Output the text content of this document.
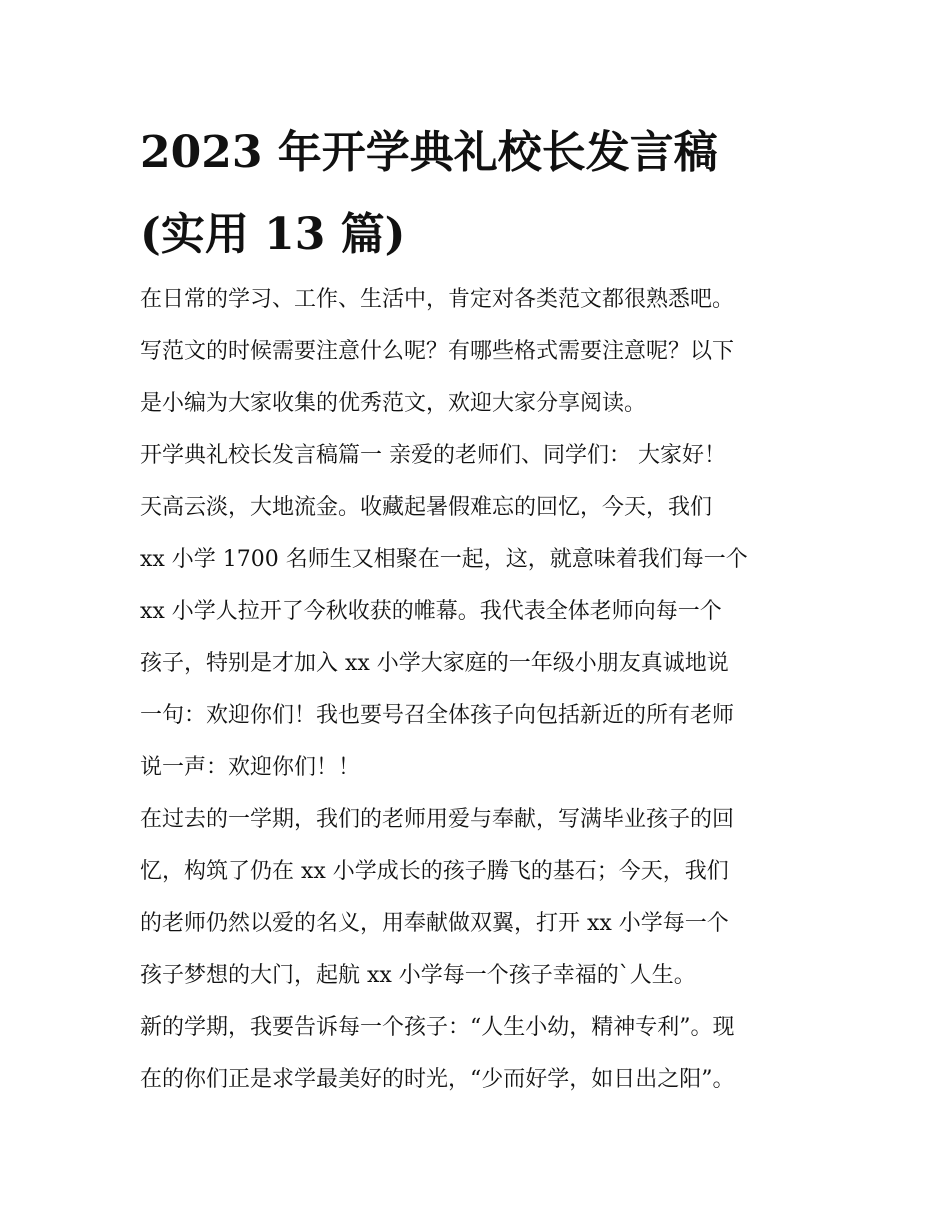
2023 年开学典礼校长发言稿
(实用 13 篇)
在日常的学习、工作、生活中，肯定对各类范文都很熟悉吧。
写范文的时候需要注意什么呢？有哪些格式需要注意呢？以下
是小编为大家收集的优秀范文，欢迎大家分享阅读。
开学典礼校长发言稿篇一 亲爱的老师们、同学们： 大家好！
天高云淡，大地流金。收藏起暑假难忘的回忆，今天，我们
xx 小学 1700 名师生又相聚在一起，这，就意味着我们每一个
xx 小学人拉开了今秋收获的帷幕。我代表全体老师向每一个
孩子，特别是才加入 xx 小学大家庭的一年级小朋友真诚地说
一句：欢迎你们！我也要号召全体孩子向包括新近的所有老师
说一声：欢迎你们！！
在过去的一学期，我们的老师用爱与奉献，写满毕业孩子的回
忆，构筑了仍在 xx 小学成长的孩子腾飞的基石；今天，我们
的老师仍然以爱的名义，用奉献做双翼，打开 xx 小学每一个
孩子梦想的大门，起航 xx 小学每一个孩子幸福的`人生。
新的学期，我要告诉每一个孩子：“人生小幼，精神专利”。现
在的你们正是求学最美好的时光，“少而好学，如日出之阳”。
